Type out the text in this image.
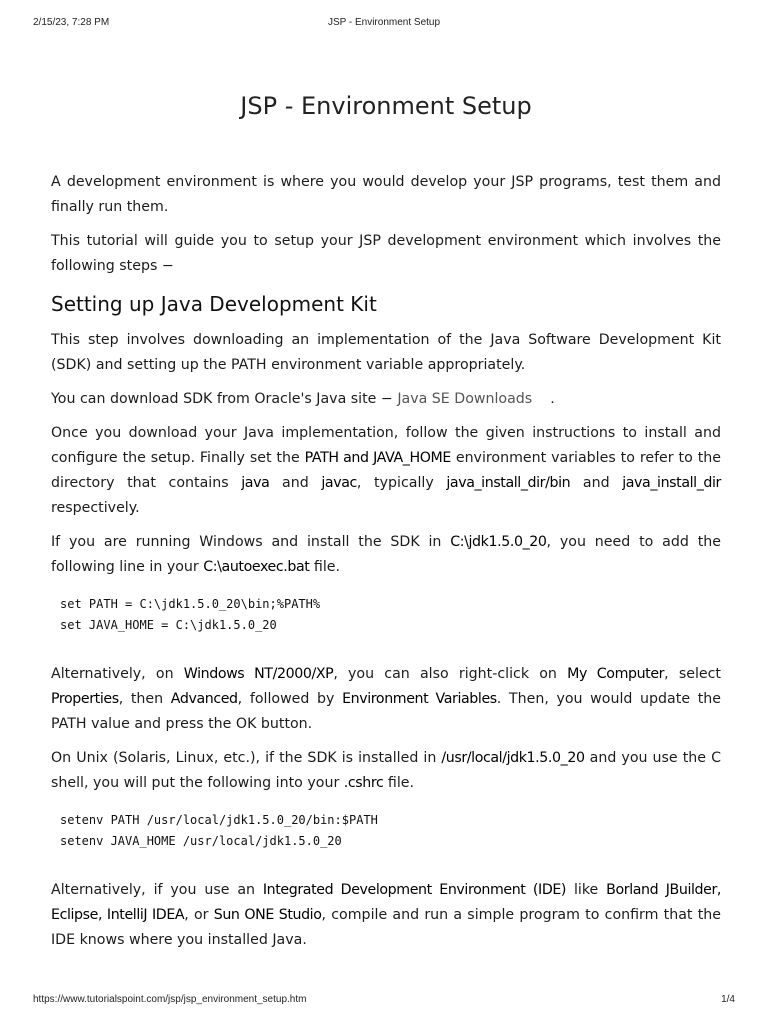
2/15/23, 7:28 PM	JSP - Environment Setup
JSP - Environment Setup

A development environment is where you would develop your JSP programs, test them and finally run them.

This tutorial will guide you to setup your JSP development environment which involves the following steps −

Setting up Java Development Kit

This step involves downloading an implementation of the Java Software Development Kit (SDK) and setting up the PATH environment variable appropriately.

You can download SDK from Oracle's Java site − Java SE Downloads .

Once you download your Java implementation, follow the given instructions to install and configure the setup. Finally set the PATH and JAVA_HOME environment variables to refer to the directory that contains java and javac, typically java_install_dir/bin and java_install_dir respectively.

If you are running Windows and install the SDK in C:\jdk1.5.0_20, you need to add the following line in your C:\autoexec.bat file.

set PATH = C:\jdk1.5.0_20\bin;%PATH%
set JAVA_HOME = C:\jdk1.5.0_20

Alternatively, on Windows NT/2000/XP, you can also right-click on My Computer, select Properties, then Advanced, followed by Environment Variables. Then, you would update the PATH value and press the OK button.

On Unix (Solaris, Linux, etc.), if the SDK is installed in /usr/local/jdk1.5.0_20 and you use the C shell, you will put the following into your .cshrc file.

setenv PATH /usr/local/jdk1.5.0_20/bin:$PATH
setenv JAVA_HOME /usr/local/jdk1.5.0_20

Alternatively, if you use an Integrated Development Environment (IDE) like Borland JBuilder, Eclipse, IntelliJ IDEA, or Sun ONE Studio, compile and run a simple program to confirm that the IDE knows where you installed Java.

https://www.tutorialspoint.com/jsp/jsp_environment_setup.htm	1/4
